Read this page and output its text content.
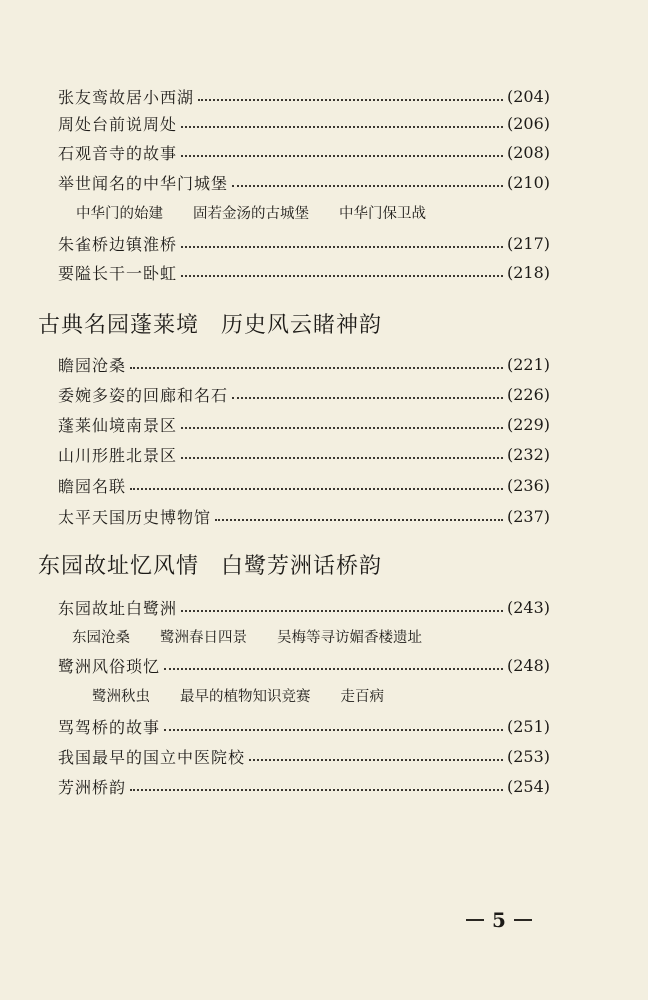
张友鸾故居小西湖	(204)
周处台前说周处	(206)
石观音寺的故事	(208)
举世闻名的中华门城堡	(210)
中华门的始建 固若金汤的古城堡 中华门保卫战
朱雀桥边镇淮桥	(217)
要隘长干一卧虹	(218)
古典名园蓬莱境 历史风云睹神韵
瞻园沧桑	(221)
委婉多姿的回廊和名石	(226)
蓬莱仙境南景区	(229)
山川形胜北景区	(232)
瞻园名联	(236)
太平天国历史博物馆	(237)
东园故址忆风情 白鹭芳洲话桥韵
东园故址白鹭洲	(243)
东园沧桑 鹭洲春日四景 吴梅等寻访媚香楼遗址
鹭洲风俗琐忆	(248)
鹭洲秋虫 最早的植物知识竞赛 走百病
骂驾桥的故事	(251)
我国最早的国立中医院校	(253)
芳洲桥韵	(254)
5
